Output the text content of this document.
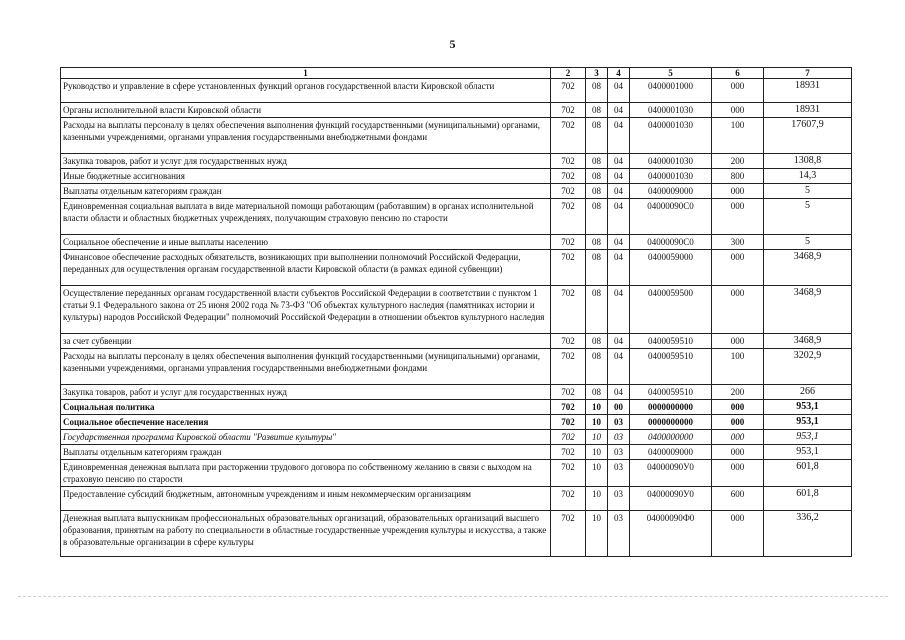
5
1	2	3	4	5	6	7
Руководство и управление в сфере установленных функций органов государственной власти Кировской области	702	08	04	0400001000	000	18931
Органы исполнительной власти Кировской области	702	08	04	0400001030	000	18931
Расходы на выплаты персоналу в целях обеспечения выполнения функций государственными (муниципальными) органами, казенными учреждениями, органами управления государственными внебюджетными фондами	702	08	04	0400001030	100	17607,9
Закупка товаров, работ и услуг для государственных нужд	702	08	04	0400001030	200	1308,8
Иные бюджетные ассигнования	702	08	04	0400001030	800	14,3
Выплаты отдельным категориям граждан	702	08	04	0400009000	000	5
Единовременная социальная выплата в виде материальной помощи работающим (работавшим) в органах исполнительной власти области и областных бюджетных учреждениях, получающим страховую пенсию по старости	702	08	04	04000090С0	000	5
Социальное обеспечение и иные выплаты населению	702	08	04	04000090С0	300	5
Финансовое обеспечение расходных обязательств, возникающих при выполнении полномочий Российской Федерации, переданных для осуществления органам государственной власти Кировской области (в рамках единой субвенции)	702	08	04	0400059000	000	3468,9
Осуществление переданных органам государственной власти субъектов Российской Федерации в соответствии с пунктом 1 статьи 9.1 Федерального закона от 25 июня 2002 года № 73-ФЗ "Об объектах культурного наследия (памятниках истории и культуры) народов Российской Федерации" полномочий Российской Федерации в отношении объектов культурного наследия	702	08	04	0400059500	000	3468,9
за счет субвенции	702	08	04	0400059510	000	3468,9
Расходы на выплаты персоналу в целях обеспечения выполнения функций государственными (муниципальными) органами, казенными учреждениями, органами управления государственными внебюджетными фондами	702	08	04	0400059510	100	3202,9
Закупка товаров, работ и услуг для государственных нужд	702	08	04	0400059510	200	266
Социальная политика	702	10	00	0000000000	000	953,1
Социальное обеспечение населения	702	10	03	0000000000	000	953,1
Государственная программа Кировской области "Развитие культуры"	702	10	03	0400000000	000	953,1
Выплаты отдельным категориям граждан	702	10	03	0400009000	000	953,1
Единовременная денежная выплата при расторжении трудового договора по собственному желанию в связи с выходом на страховую пенсию по старости	702	10	03	04000090У0	000	601,8
Предоставление субсидий бюджетным, автономным учреждениям и иным некоммерческим организациям	702	10	03	04000090У0	600	601,8
Денежная выплата выпускникам профессиональных образовательных организаций, образовательных организаций высшего образования, принятым на работу по специальности в областные государственные учреждения культуры и искусства, а также в образовательные организации в сфере культуры	702	10	03	04000090Ф0	000	336,2
